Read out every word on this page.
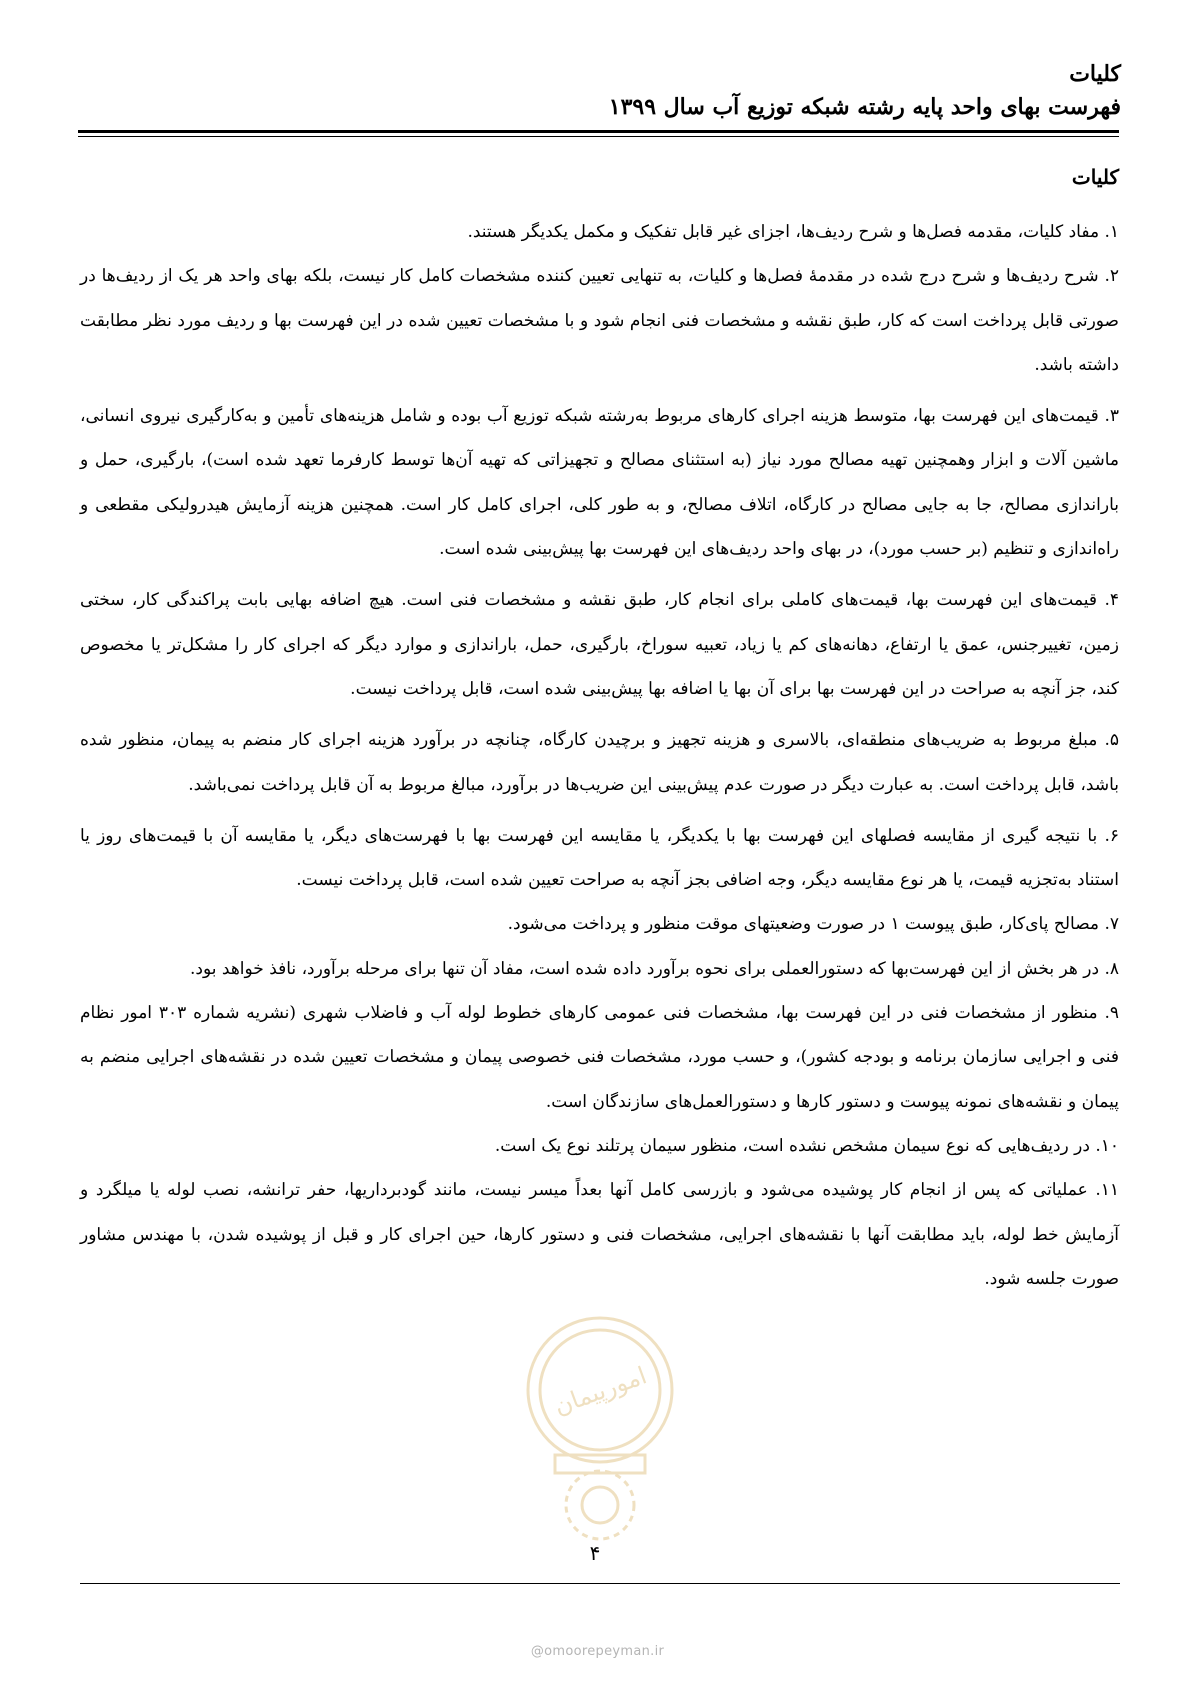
کلیات
فهرست بهای واحد پایه رشته شبکه توزیع آب سال ۱۳۹۹
کلیات

۱. مفاد کلیات، مقدمه فصل‌ها و شرح ردیف‌ها، اجزای غیر قابل تفکیک و مکمل یکدیگر هستند.

۲. شرح ردیف‌ها و شرح درج شده در مقدمهٔ فصل‌ها و کلیات، به تنهایی تعیین کننده مشخصات کامل کار نیست، بلکه بهای واحد هر یک از ردیف‌ها در صورتی قابل پرداخت است که کار، طبق نقشه و مشخصات فنی انجام شود و با مشخصات تعیین شده در این فهرست بها و ردیف مورد نظر مطابقت داشته باشد.

۳. قیمت‌های این فهرست بها، متوسط هزینه اجرای کارهای مربوط به‌رشته شبکه توزیع آب بوده و شامل هزینه‌های تأمین و به‌کارگیری نیروی انسانی، ماشین آلات و ابزار وهمچنین تهیه مصالح مورد نیاز (به استثنای مصالح و تجهیزاتی که تهیه آن‌ها توسط کارفرما تعهد شده است)، بارگیری، حمل و باراندازی مصالح، جا به جایی مصالح در کارگاه، اتلاف مصالح، و به طور کلی، اجرای کامل کار است. همچنین هزینه آزمایش هیدرولیکی مقطعی و راه‌اندازی و تنظیم (بر حسب مورد)، در بهای واحد ردیف‌های این فهرست بها پیش‌بینی شده است.

۴. قیمت‌های این فهرست بها، قیمت‌های کاملی برای انجام کار، طبق نقشه و مشخصات فنی است. هیچ اضافه بهایی بابت پراکندگی کار، سختی زمین، تغییرجنس، عمق یا ارتفاع، دهانه‌های کم یا زیاد، تعبیه سوراخ، بارگیری، حمل، باراندازی و موارد دیگر که اجرای کار را مشکل‌تر یا مخصوص کند، جز آنچه به صراحت در این فهرست بها برای آن بها یا اضافه بها پیش‌بینی شده است، قابل پرداخت نیست.

۵. مبلغ مربوط به ضریب‌های منطقه‌ای، بالاسری و هزینه تجهیز و برچیدن کارگاه، چنانچه در برآورد هزینه اجرای کار منضم به پیمان، منظور شده باشد، قابل پرداخت است. به عبارت دیگر در صورت عدم پیش‌بینی این ضریب‌ها در برآورد، مبالغ مربوط به آن قابل پرداخت نمی‌باشد.

۶. با نتیجه گیری از مقایسه فصلهای این فهرست بها با یکدیگر، یا مقایسه این فهرست بها با فهرست‌های دیگر، یا مقایسه آن با قیمت‌های روز یا استناد به‌تجزیه قیمت، یا هر نوع مقایسه دیگر، وجه اضافی بجز آنچه به صراحت تعیین شده است، قابل پرداخت نیست.

۷. مصالح پای‌کار، طبق پیوست ۱ در صورت وضعیتهای موقت منظور و پرداخت می‌شود.

۸. در هر بخش از این فهرست‌بها که دستورالعملی برای نحوه برآورد داده شده است، مفاد آن تنها برای مرحله برآورد، نافذ خواهد بود.

۹. منظور از مشخصات فنی در این فهرست بها، مشخصات فنی عمومی کارهای خطوط لوله آب و فاضلاب شهری (نشریه شماره ۳۰۳ امور نظام فنی و اجرایی سازمان برنامه و بودجه کشور)، و حسب مورد، مشخصات فنی خصوصی پیمان و مشخصات تعیین شده در نقشه‌های اجرایی منضم به پیمان و نقشه‌های نمونه پیوست و دستور کارها و دستورالعمل‌های سازندگان است.

۱۰. در ردیف‌هایی که نوع سیمان مشخص نشده است، منظور سیمان پرتلند نوع یک است.

۱۱. عملیاتی که پس از انجام کار پوشیده می‌شود و بازرسی کامل آنها بعداً میسر نیست، مانند گودبرداریها، حفر ترانشه، نصب لوله یا میلگرد و آزمایش خط لوله، باید مطابقت آنها با نقشه‌های اجرایی، مشخصات فنی و دستور کارها، حین اجرای کار و قبل از پوشیده شدن، با مهندس مشاور صورت جلسه شود.

امورپیمان
۴
@omoorepeyman.ir
